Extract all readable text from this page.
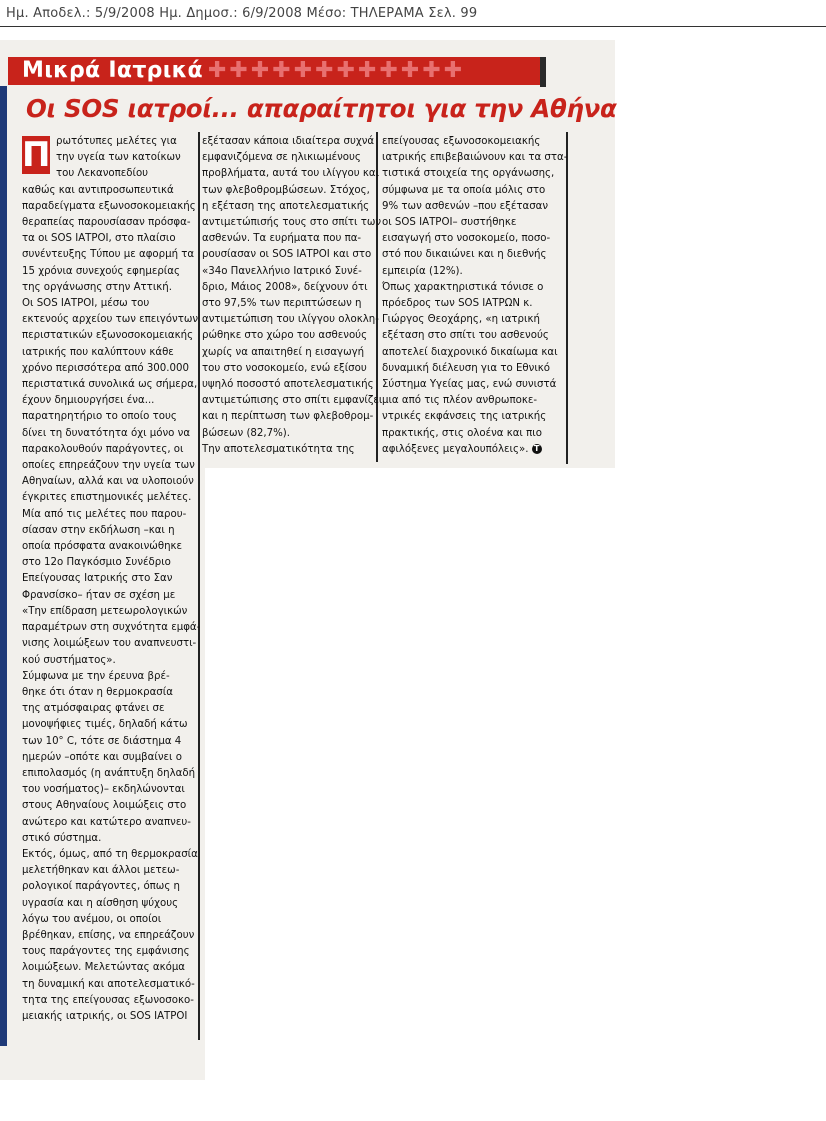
Ημ. Αποδελ.: 5/9/2008 Ημ. Δημοσ.: 6/9/2008 Μέσο: ΤΗΛΕΡΑΜΑ Σελ. 99
✚✚✚✚✚✚✚✚✚✚✚✚
Μικρά Ιατρικά
Οι SOS ιατροί... απαραίτητοι για την Αθήνα

ρωτότυπες μελέτες για

την υγεία των κατοίκων

του Λεκανοπεδίου

καθώς και αντιπροσωπευτικά

παραδείγματα εξωνοσοκομειακής

θεραπείας παρουσίασαν πρόσφα-

τα οι SOS ΙΑΤΡΟΙ, στο πλαίσιο

συνέντευξης Τύπου με αφορμή τα

15 χρόνια συνεχούς εφημερίας

της οργάνωσης στην Αττική.

Οι SOS ΙΑΤΡΟΙ, μέσω του

εκτενούς αρχείου των επειγόντων

περιστατικών εξωνοσοκομειακής

ιατρικής που καλύπτουν κάθε

χρόνο περισσότερα από 300.000

περιστατικά συνολικά ως σήμερα,

έχουν δημιουργήσει ένα...

παρατηρητήριο το οποίο τους

δίνει τη δυνατότητα όχι μόνο να

παρακολουθούν παράγοντες, οι

οποίες επηρεάζουν την υγεία των

Αθηναίων, αλλά και να υλοποιούν

έγκριτες επιστημονικές μελέτες.

Μία από τις μελέτες που παρου-

σίασαν στην εκδήλωση –και η

οποία πρόσφατα ανακοινώθηκε

στο 12ο Παγκόσμιο Συνέδριο

Επείγουσας Ιατρικής στο Σαν

Φρανσίσκο– ήταν σε σχέση με

«Την επίδραση μετεωρολογικών

παραμέτρων στη συχνότητα εμφά-

νισης λοιμώξεων του αναπνευστι-

κού συστήματος».

Σύμφωνα με την έρευνα βρέ-

θηκε ότι όταν η θερμοκρασία

της ατμόσφαιρας φτάνει σε

μονοψήφιες τιμές, δηλαδή κάτω

των 10° C, τότε σε διάστημα 4

ημερών –οπότε και συμβαίνει ο

επιπολασμός (η ανάπτυξη δηλαδή

του νοσήματος)– εκδηλώνονται

στους Αθηναίους λοιμώξεις στο

ανώτερο και κατώτερο αναπνευ-

στικό σύστημα.

Εκτός, όμως, από τη θερμοκρασία

μελετήθηκαν και άλλοι μετεω-

ρολογικοί παράγοντες, όπως η

υγρασία και η αίσθηση ψύχους

λόγω του ανέμου, οι οποίοι

βρέθηκαν, επίσης, να επηρεάζουν

τους παράγοντες της εμφάνισης

λοιμώξεων. Μελετώντας ακόμα

τη δυναμική και αποτελεσματικό-

τητα της επείγουσας εξωνοσοκο-

μειακής ιατρικής, οι SOS ΙΑΤΡΟΙ

εξέτασαν κάποια ιδιαίτερα συχνά

εμφανιζόμενα σε ηλικιωμένους

προβλήματα, αυτά του ιλίγγου και

των φλεβοθρομβώσεων. Στόχος,

η εξέταση της αποτελεσματικής

αντιμετώπισής τους στο σπίτι των

ασθενών. Τα ευρήματα που πα-

ρουσίασαν οι SOS ΙΑΤΡΟΙ και στο

«34ο Πανελλήνιο Ιατρικό Συνέ-

δριο, Μάιος 2008», δείχνουν ότι

στο 97,5% των περιπτώσεων η

αντιμετώπιση του ιλίγγου ολοκλη-

ρώθηκε στο χώρο του ασθενούς

χωρίς να απαιτηθεί η εισαγωγή

του στο νοσοκομείο, ενώ εξίσου

υψηλό ποσοστό αποτελεσματικής

αντιμετώπισης στο σπίτι εμφανίζει

και η περίπτωση των φλεβοθρομ-

βώσεων (82,7%).

Την αποτελεσματικότητα της

επείγουσας εξωνοσοκομειακής

ιατρικής επιβεβαιώνουν και τα στα-

τιστικά στοιχεία της οργάνωσης,

σύμφωνα με τα οποία μόλις στο

9% των ασθενών –που εξέτασαν

οι SOS ΙΑΤΡΟΙ– συστήθηκε

εισαγωγή στο νοσοκομείο, ποσο-

στό που δικαιώνει και η διεθνής

εμπειρία (12%).

Όπως χαρακτηριστικά τόνισε ο

πρόεδρος των SOS ΙΑΤΡΩΝ κ.

Γιώργος Θεοχάρης, «η ιατρική

εξέταση στο σπίτι του ασθενούς

αποτελεί διαχρονικό δικαίωμα και

δυναμική διέλευση για το Εθνικό

Σύστημα Υγείας μας, ενώ συνιστά

μια από τις πλέον ανθρωποκε-

ντρικές εκφάνσεις της ιατρικής

πρακτικής, στις ολοένα και πιο

αφιλόξενες μεγαλουπόλεις». T

Π
